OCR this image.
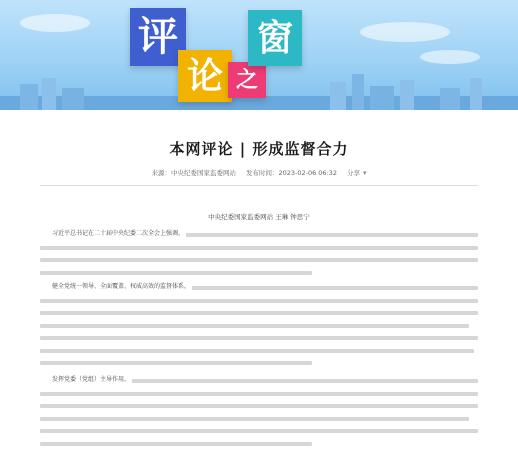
评
论 之
窗
本网评论 | 形成监督合力
来源：中央纪委国家监委网站 发布时间：2023-02-06 06:32 分享 ▾
中央纪委国家监委网站 王琳 钟思宁
习近平总书记在二十届中央纪委二次全会上强调，
健全党统一领导、全面覆盖、权威高效的监督体系，
发挥党委（党组）主导作用，
